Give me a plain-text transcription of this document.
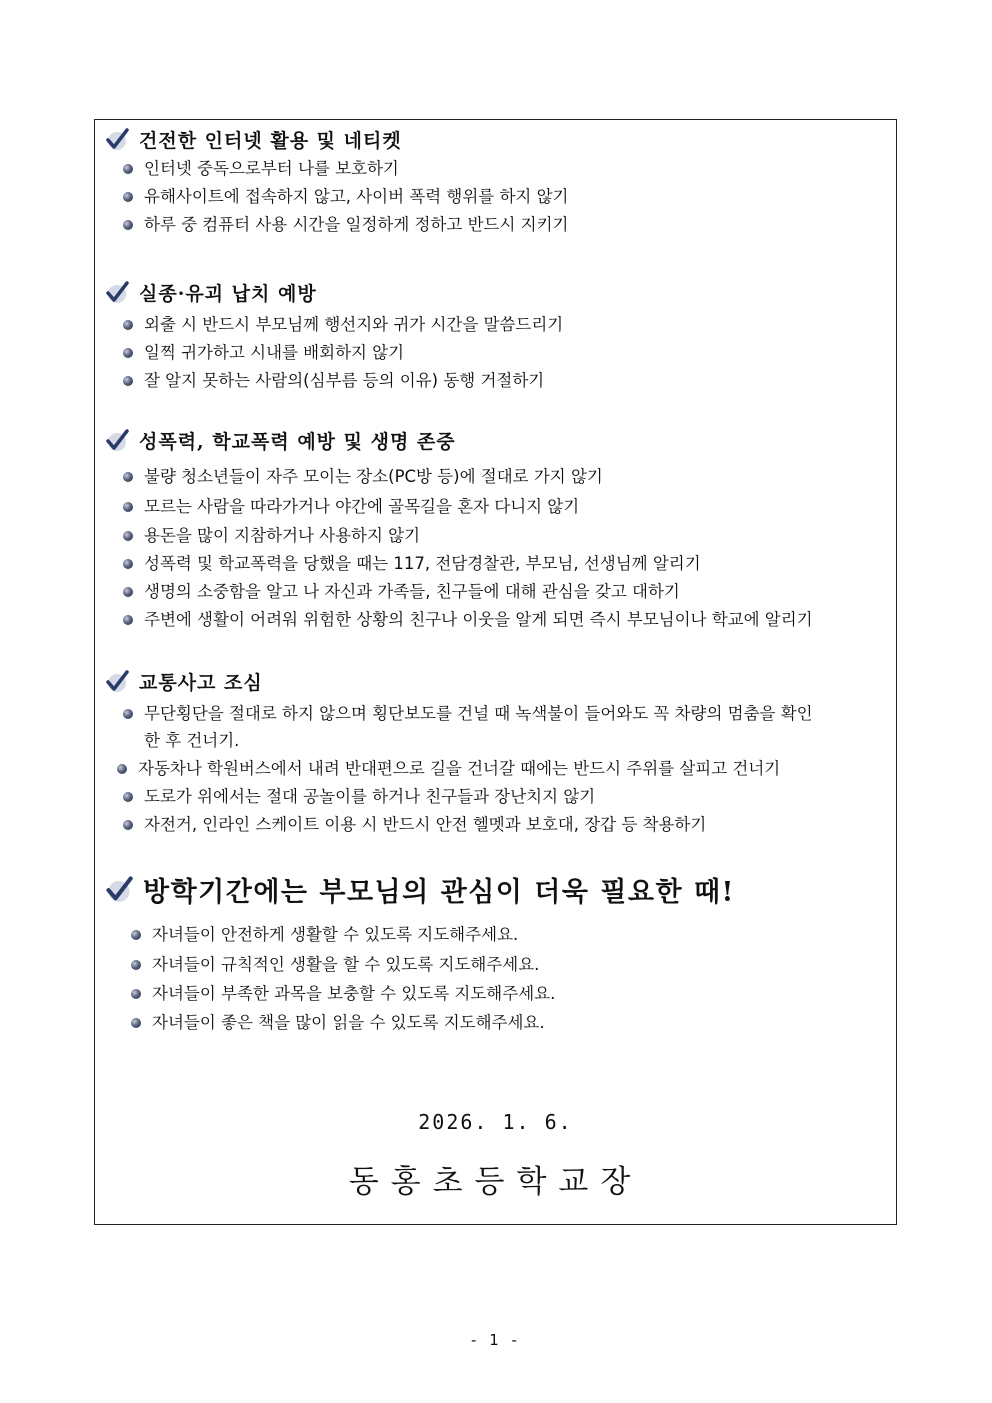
건전한 인터넷 활용 및 네티켓
인터넷 중독으로부터 나를 보호하기
유해사이트에 접속하지 않고, 사이버 폭력 행위를 하지 않기
하루 중 컴퓨터 사용 시간을 일정하게 정하고 반드시 지키기
실종·유괴 납치 예방
외출 시 반드시 부모님께 행선지와 귀가 시간을 말씀드리기
일찍 귀가하고 시내를 배회하지 않기
잘 알지 못하는 사람의(심부름 등의 이유) 동행 거절하기
성폭력, 학교폭력 예방 및 생명 존중
불량 청소년들이 자주 모이는 장소(PC방 등)에 절대로 가지 않기
모르는 사람을 따라가거나 야간에 골목길을 혼자 다니지 않기
용돈을 많이 지참하거나 사용하지 않기
성폭력 및 학교폭력을 당했을 때는 117, 전담경찰관, 부모님, 선생님께 알리기
생명의 소중함을 알고 나 자신과 가족들, 친구들에 대해 관심을 갖고 대하기
주변에 생활이 어려워 위험한 상황의 친구나 이웃을 알게 되면 즉시 부모님이나 학교에 알리기
교통사고 조심
무단횡단을 절대로 하지 않으며 횡단보도를 건널 때 녹색불이 들어와도 꼭 차량의 멈춤을 확인
한 후 건너기.
자동차나 학원버스에서 내려 반대편으로 길을 건너갈 때에는 반드시 주위를 살피고 건너기
도로가 위에서는 절대 공놀이를 하거나 친구들과 장난치지 않기
자전거, 인라인 스케이트 이용 시 반드시 안전 헬멧과 보호대, 장갑 등 착용하기
방학기간에는 부모님의 관심이 더욱 필요한 때!
자녀들이 안전하게 생활할 수 있도록 지도해주세요.
자녀들이 규칙적인 생활을 할 수 있도록 지도해주세요.
자녀들이 부족한 과목을 보충할 수 있도록 지도해주세요.
자녀들이 좋은 책을 많이 읽을 수 있도록 지도해주세요.
2026. 1. 6.
동홍초등학교장
- 1 -
